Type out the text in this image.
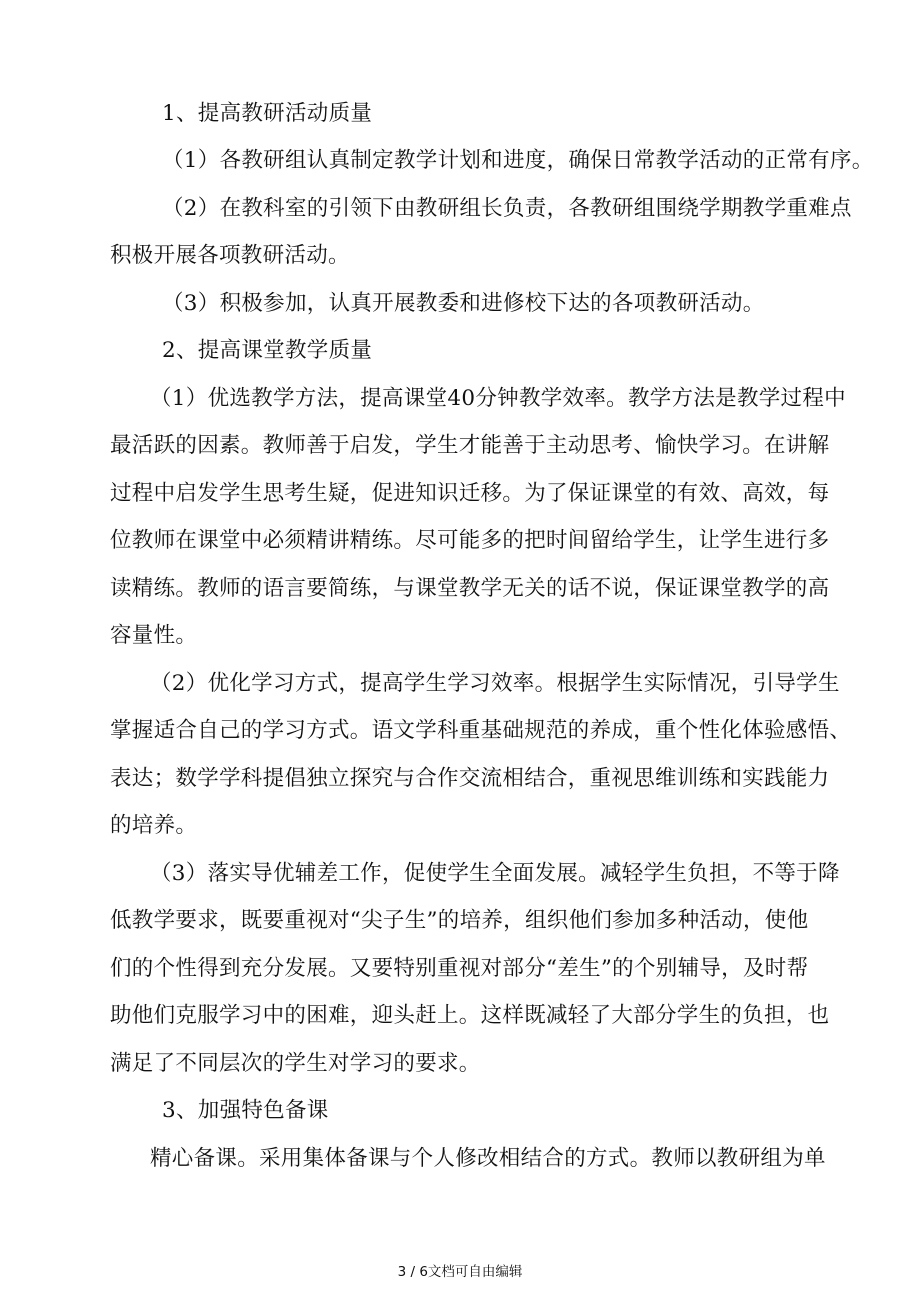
1、提高教研活动质量
（1）各教研组认真制定教学计划和进度，确保日常教学活动的正常有序。
（2）在教科室的引领下由教研组长负责，各教研组围绕学期教学重难点
积极开展各项教研活动。
（3）积极参加，认真开展教委和进修校下达的各项教研活动。
2、提高课堂教学质量
（1）优选教学方法，提高课堂40分钟教学效率。教学方法是教学过程中
最活跃的因素。教师善于启发，学生才能善于主动思考、愉快学习。在讲解
过程中启发学生思考生疑，促进知识迁移。为了保证课堂的有效、高效，每
位教师在课堂中必须精讲精练。尽可能多的把时间留给学生，让学生进行多
读精练。教师的语言要简练，与课堂教学无关的话不说，保证课堂教学的高
容量性。
（2）优化学习方式，提高学生学习效率。根据学生实际情况，引导学生
掌握适合自己的学习方式。语文学科重基础规范的养成，重个性化体验感悟、
表达；数学学科提倡独立探究与合作交流相结合，重视思维训练和实践能力
的培养。
（3）落实导优辅差工作，促使学生全面发展。减轻学生负担，不等于降
低教学要求，既要重视对“尖子生”的培养，组织他们参加多种活动，使他
们的个性得到充分发展。又要特别重视对部分“差生”的个别辅导，及时帮
助他们克服学习中的困难，迎头赶上。这样既减轻了大部分学生的负担，也
满足了不同层次的学生对学习的要求。
3、加强特色备课
精心备课。采用集体备课与个人修改相结合的方式。教师以教研组为单
3 / 6文档可自由编辑
